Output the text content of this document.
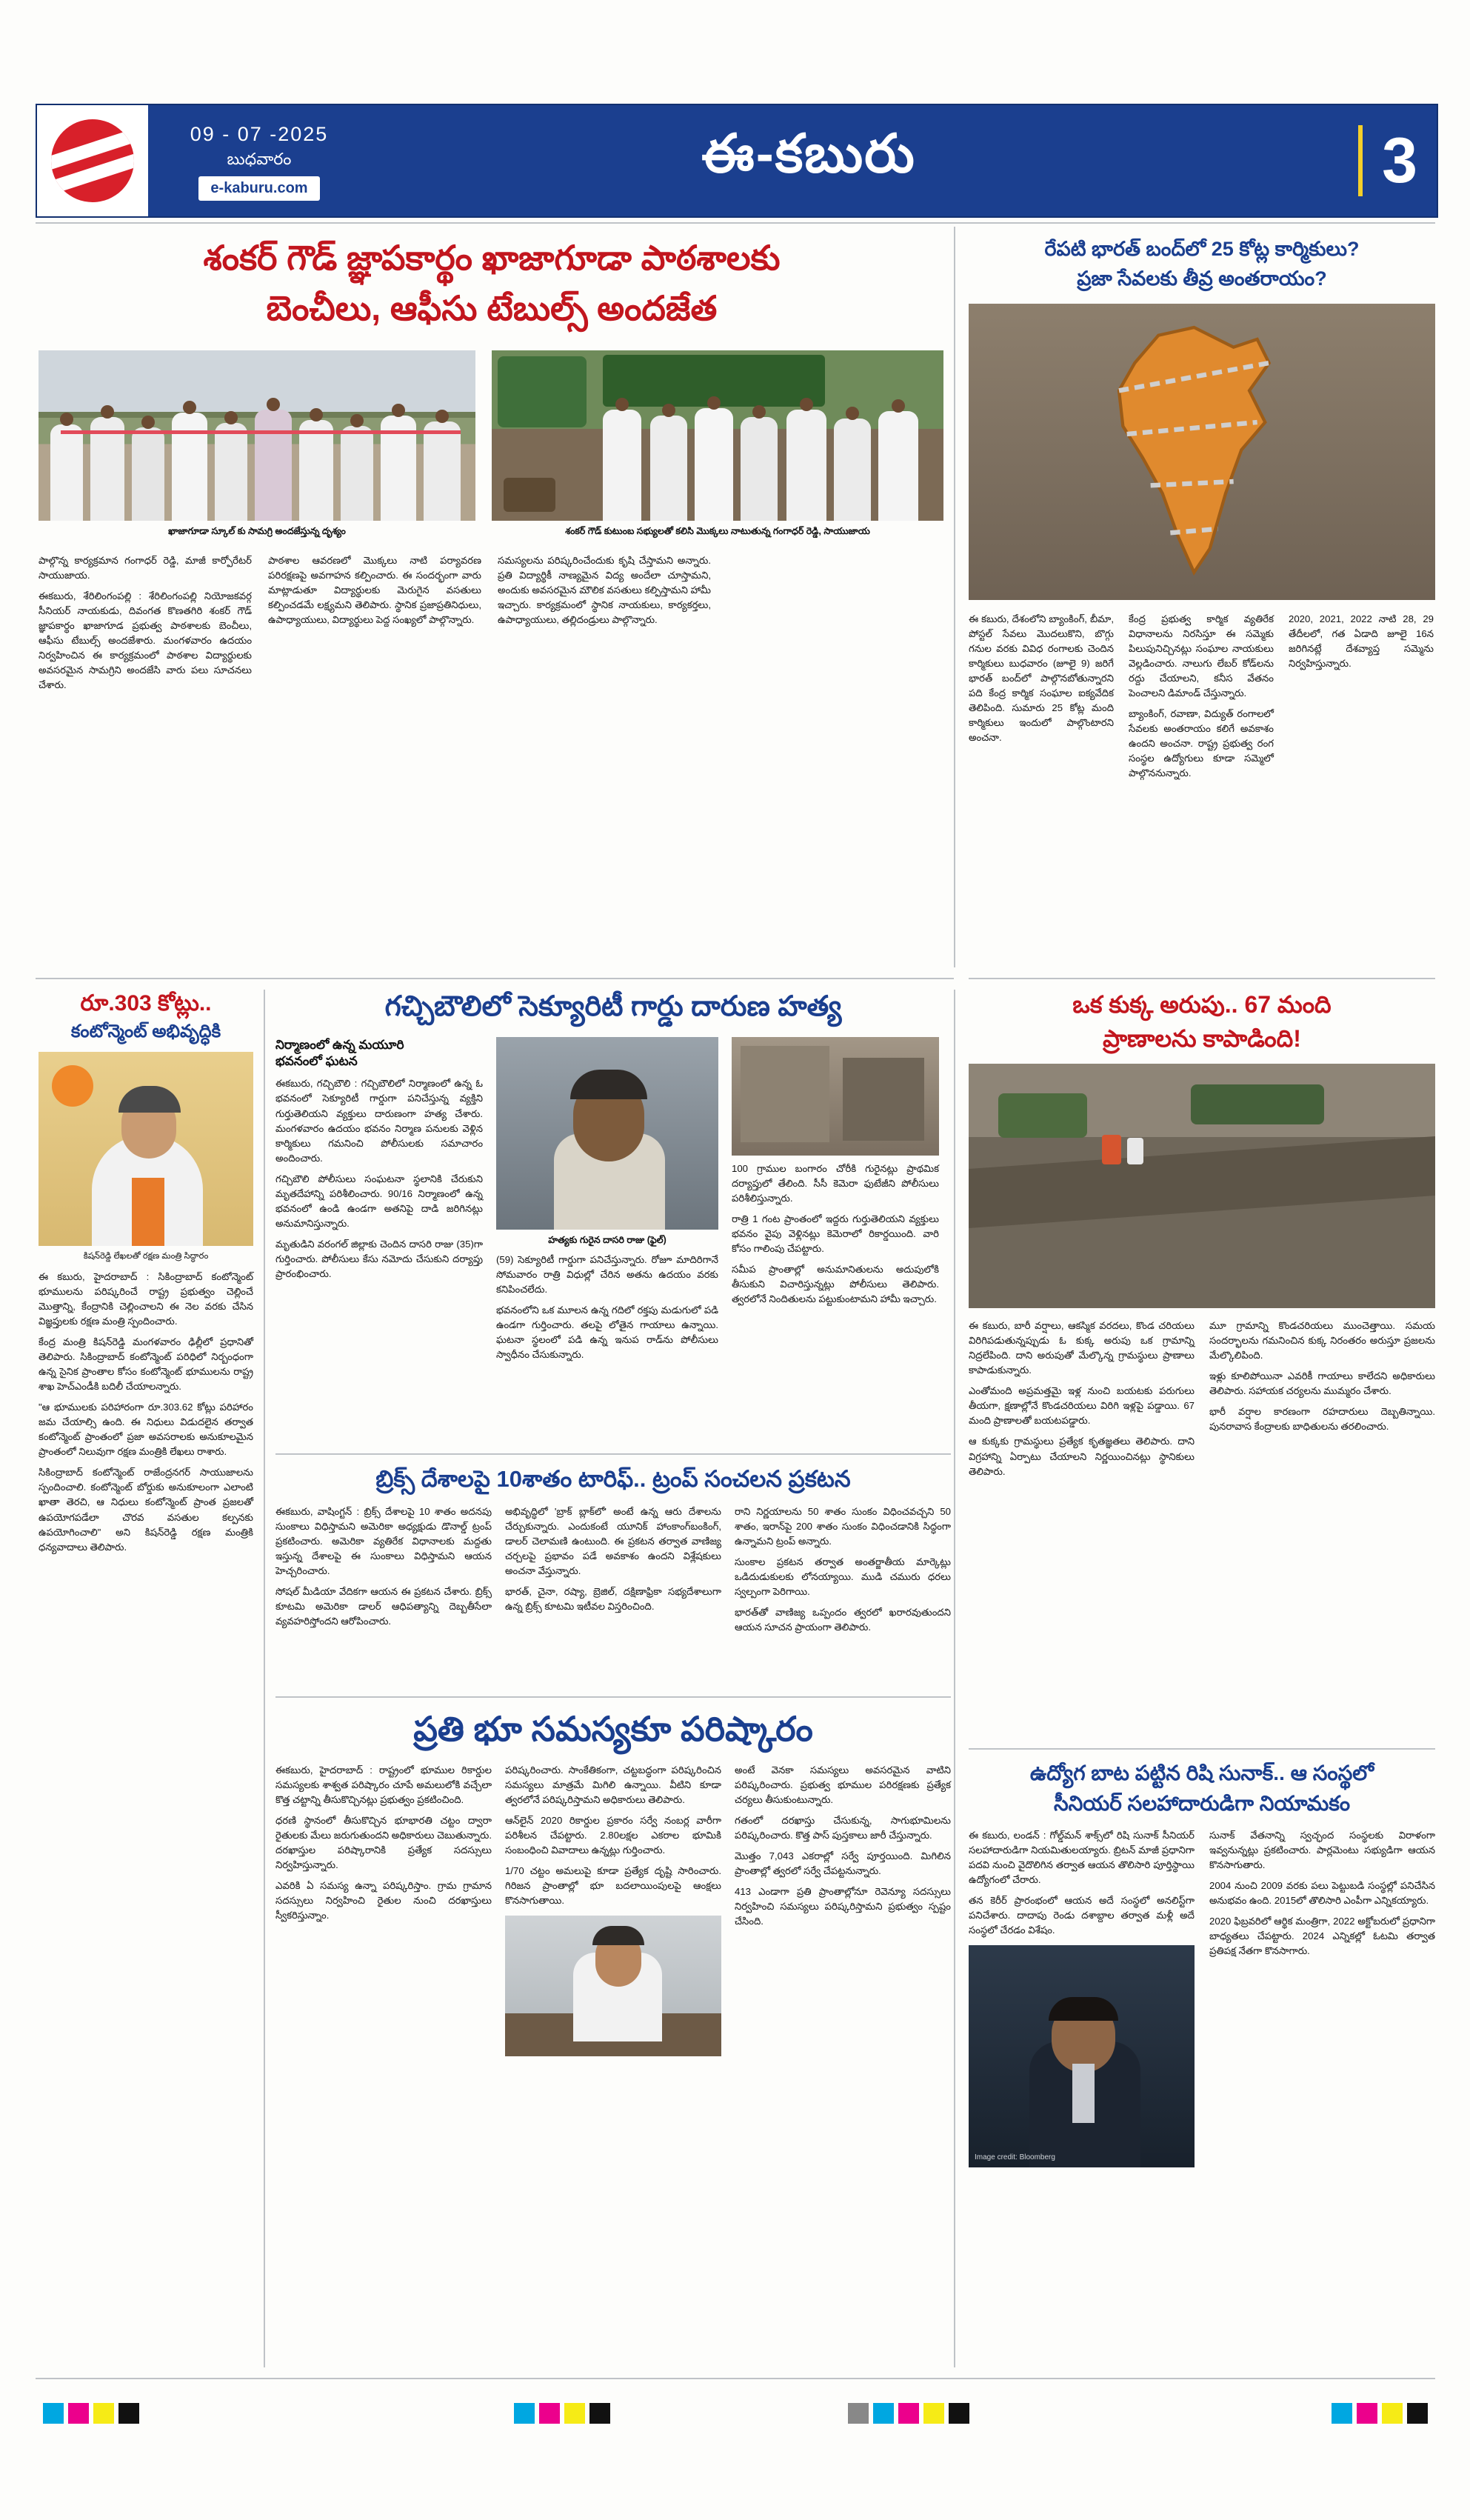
09 - 07 -2025
బుధవారం
e-kaburu.com
ఈ-కబురు	3
శంకర్ గౌడ్ జ్ఞాపకార్థం ఖాజాగూడా పాఠశాలకు
బెంచీలు, ఆఫీసు టేబుల్స్ అందజేత
ఖాజాగూడా స్కూల్ కు సామగ్రి అందజేస్తున్న దృశ్యం	శంకర్ గౌడ్ కుటుంబ సభ్యులతో కలిసి మొక్కలు నాటుతున్న గంగాధర్ రెడ్డి, సాయుజాయ

పాల్గొన్న కార్యక్రమాన గంగాధర్ రెడ్డి, మాజీ కార్పోరేటర్ సాయుజాయ.

ఈకబురు, శేరిలింగంపల్లి : శేరిలింగంపల్లి నియోజకవర్గ సీనియర్ నాయకుడు, దివంగత కొణతగిరి శంకర్ గౌడ్ జ్ఞాపకార్థం ఖాజాగూడ ప్రభుత్వ పాఠశాలకు బెంచీలు, ఆఫీసు టేబుల్స్ అందజేశారు. మంగళవారం ఉదయం నిర్వహించిన ఈ కార్యక్రమంలో పాఠశాల విద్యార్థులకు అవసరమైన సామగ్రిని అందజేసి వారు పలు సూచనలు చేశారు.

పాఠశాల ఆవరణలో మొక్కలు నాటి పర్యావరణ పరిరక్షణపై అవగాహన కల్పించారు. ఈ సందర్భంగా వారు మాట్లాడుతూ విద్యార్థులకు మెరుగైన వసతులు కల్పించడమే లక్ష్యమని తెలిపారు. స్థానిక ప్రజాప్రతినిధులు, ఉపాధ్యాయులు, విద్యార్థులు పెద్ద సంఖ్యలో పాల్గొన్నారు.

సమస్యలను పరిష్కరించేందుకు కృషి చేస్తామని అన్నారు. ప్రతి విద్యార్థికీ నాణ్యమైన విద్య అందేలా చూస్తామని, అందుకు అవసరమైన మౌలిక వసతులు కల్పిస్తామని హామీ ఇచ్చారు. కార్యక్రమంలో స్థానిక నాయకులు, కార్యకర్తలు, ఉపాధ్యాయులు, తల్లిదండ్రులు పాల్గొన్నారు.

రేపటి భారత్ బంద్‌లో 25 కోట్ల కార్మికులు?
ప్రజా సేవలకు తీవ్ర అంతరాయం?

ఈ కబురు, దేశంలోని బ్యాంకింగ్, బీమా, పోస్టల్ సేవలు మొదలుకొని, బొగ్గు గనుల వరకు వివిధ రంగాలకు చెందిన కార్మికులు బుధవారం (జూలై 9) జరిగే భారత్ బంద్‌లో పాల్గొనబోతున్నారని పది కేంద్ర కార్మిక సంఘాల ఐక్యవేదిక తెలిపింది. సుమారు 25 కోట్ల మంది కార్మికులు ఇందులో పాల్గొంటారని అంచనా.

కేంద్ర ప్రభుత్వ కార్మిక వ్యతిరేక విధానాలను నిరసిస్తూ ఈ సమ్మెకు పిలుపునిచ్చినట్లు సంఘాల నాయకులు వెల్లడించారు. నాలుగు లేబర్ కోడ్‌లను రద్దు చేయాలని, కనీస వేతనం పెంచాలని డిమాండ్ చేస్తున్నారు.

బ్యాంకింగ్, రవాణా, విద్యుత్ రంగాలలో సేవలకు అంతరాయం కలిగే అవకాశం ఉందని అంచనా. రాష్ట్ర ప్రభుత్వ రంగ సంస్థల ఉద్యోగులు కూడా సమ్మెలో పాల్గొననున్నారు.

2020, 2021, 2022 నాటి 28, 29 తేదీలలో, గత ఏడాది జూలై 16న జరిగినట్లే దేశవ్యాప్త సమ్మెను నిర్వహిస్తున్నారు.

రూ.303 కోట్లు..
కంటోన్మెంట్ అభివృద్ధికి
కిషన్‌రెడ్డి లేఖలతో రక్షణ మంత్రి సిద్ధారం

ఈ కబురు, హైదరాబాద్ : సికింద్రాబాద్ కంటోన్మెంట్ భూములను పరిష్కరించే రాష్ట్ర ప్రభుత్వం చెల్లించే మొత్తాన్ని, కేంద్రానికి చెల్లించాలని ఈ నెల వరకు చేసిన విజ్ఞప్తులకు రక్షణ మంత్రి స్పందించారు.

కేంద్ర మంత్రి కిషన్‌రెడ్డి మంగళవారం ఢిల్లీలో ప్రధానితో తెలిపారు. సికింద్రాబాద్ కంటోన్మెంట్ పరిధిలో నిర్బంధంగా ఉన్న సైనిక ప్రాంతాల కోసం కంటోన్మెంట్ భూములను రాష్ట్ర శాఖ హెచ్‌ఎండీకి బదిలీ చేయాలన్నారు.

"ఆ భూములకు పరిహారంగా రూ.303.62 కోట్లు పరిహారం జమ చేయాల్సి ఉంది. ఈ నిధులు విడుదలైన తర్వాత కంటోన్మెంట్ ప్రాంతంలో ప్రజా అవసరాలకు అనుకూలమైన ప్రాంతంలో నిలువుగా రక్షణ మంత్రికి లేఖలు రాశారు.

సికింద్రాబాద్ కంటోన్మెంట్ రాజేంద్రనగర్ సాయుజాలను స్పందించాలి. కంటోన్మెంట్ బోర్డుకు అనుకూలంగా ఎలాంటి ఖాతా తెరచి, ఆ నిధులు కంటోన్మెంట్ ప్రాంత ప్రజలతో ఉపయోగపడేలా చొరవ వసతుల కల్పనకు ఉపయోగించాలి" అని కిషన్‌రెడ్డి రక్షణ మంత్రికి ధన్యవాదాలు తెలిపారు.

గచ్చిబౌలిలో సెక్యూరిటీ గార్డు దారుణ హత్య
నిర్మాణంలో ఉన్న మయూరి
భవనంలో ఘటన

ఈకబురు, గచ్చిబౌలి : గచ్చిబౌలిలో నిర్మాణంలో ఉన్న ఓ భవనంలో సెక్యూరిటీ గార్డుగా పనిచేస్తున్న వ్యక్తిని గుర్తుతెలియని వ్యక్తులు దారుణంగా హత్య చేశారు. మంగళవారం ఉదయం భవనం నిర్మాణ పనులకు వెళ్లిన కార్మికులు గమనించి పోలీసులకు సమాచారం అందించారు.

గచ్చిబౌలి పోలీసులు సంఘటనా స్థలానికి చేరుకుని మృతదేహాన్ని పరిశీలించారు. 90/16 నిర్మాణంలో ఉన్న భవనంలో ఉండి ఉండగా అతనిపై దాడి జరిగినట్లు అనుమానిస్తున్నారు.

మృతుడిని వరంగల్ జిల్లాకు చెందిన దాసరి రాజు (35)గా గుర్తించారు. పోలీసులు కేసు నమోదు చేసుకుని దర్యాప్తు ప్రారంభించారు.

హత్యకు గురైన దాసరి రాజు (ఫైల్)

(59) సెక్యూరిటీ గార్డుగా పనిచేస్తున్నారు. రోజూ మాదిరిగానే సోమవారం రాత్రి విధుల్లో చేరిన అతను ఉదయం వరకు కనిపించలేదు.

భవనంలోని ఒక మూలన ఉన్న గదిలో రక్తపు మడుగులో పడి ఉండగా గుర్తించారు. తలపై లోతైన గాయాలు ఉన్నాయి. ఘటనా స్థలంలో పడి ఉన్న ఇనుప రాడ్‌ను పోలీసులు స్వాధీనం చేసుకున్నారు.

100 గ్రాముల బంగారం చోరీకి గురైనట్లు ప్రాథమిక దర్యాప్తులో తేలింది. సీసీ కెమెరా ఫుటేజీని పోలీసులు పరిశీలిస్తున్నారు.

రాత్రి 1 గంట ప్రాంతంలో ఇద్దరు గుర్తుతెలియని వ్యక్తులు భవనం వైపు వెళ్లినట్లు కెమెరాలో రికార్డయింది. వారి కోసం గాలింపు చేపట్టారు.

సమీప ప్రాంతాల్లో అనుమానితులను అదుపులోకి తీసుకుని విచారిస్తున్నట్లు పోలీసులు తెలిపారు. త్వరలోనే నిందితులను పట్టుకుంటామని హామీ ఇచ్చారు.

ఒక కుక్క అరుపు.. 67 మంది
ప్రాణాలను కాపాడింది!

ఈ కబురు, బారీ వర్షాలు, ఆకస్మిక వరదలు, కొండ చరియలు విరిగిపడుతున్నప్పుడు ఓ కుక్క అరుపు ఒక గ్రామాన్ని నిద్రలేపింది. దాని అరుపుతో మేల్కొన్న గ్రామస్థులు ప్రాణాలు కాపాడుకున్నారు.

ఎంతోమంది అప్రమత్తమై ఇళ్ల నుంచి బయటకు పరుగులు తీయగా, క్షణాల్లోనే కొండచరియలు విరిగి ఇళ్లపై పడ్డాయి. 67 మంది ప్రాణాలతో బయటపడ్డారు.

ఆ కుక్కకు గ్రామస్థులు ప్రత్యేక కృతజ్ఞతలు తెలిపారు. దాని విగ్రహాన్ని ఏర్పాటు చేయాలని నిర్ణయించినట్లు స్థానికులు తెలిపారు.

మూ గ్రామాన్ని కొండచరియలు ముంచెత్తాయి. సమయ సందర్భాలను గమనించిన కుక్క నిరంతరం అరుస్తూ ప్రజలను మేల్కొలిపింది.

ఇళ్లు కూలిపోయినా ఎవరికీ గాయాలు కాలేదని అధికారులు తెలిపారు. సహాయక చర్యలను ముమ్మరం చేశారు.

భారీ వర్షాల కారణంగా రహదారులు దెబ్బతిన్నాయి. పునరావాస కేంద్రాలకు బాధితులను తరలించారు.

బ్రిక్స్ దేశాలపై 10శాతం టారిఫ్.. ట్రంప్ సంచలన ప్రకటన

ఈకబురు, వాషింగ్టన్ : బ్రిక్స్ దేశాలపై 10 శాతం అదనపు సుంకాలు విధిస్తామని అమెరికా అధ్యక్షుడు డొనాల్డ్ ట్రంప్ ప్రకటించారు. అమెరికా వ్యతిరేక విధానాలకు మద్దతు ఇస్తున్న దేశాలపై ఈ సుంకాలు విధిస్తామని ఆయన హెచ్చరించారు.

సోషల్ మీడియా వేదికగా ఆయన ఈ ప్రకటన చేశారు. బ్రిక్స్ కూటమి అమెరికా డాలర్ ఆధిపత్యాన్ని దెబ్బతీసేలా వ్యవహరిస్తోందని ఆరోపించారు.

అభివృద్ధిలో 'బ్రాక్ బ్లాక్‌లో' అంటే ఉన్న ఆరు దేశాలను చేర్చుకున్నారు. ఎందుకంటే యూనిక్ హాంకాంగ్‌బంకింగ్, డాలర్ చెలామణి ఉంటుంది. ఈ ప్రకటన తర్వాత వాణిజ్య చర్చలపై ప్రభావం పడే అవకాశం ఉందని విశ్లేషకులు అంచనా వేస్తున్నారు.

భారత్, చైనా, రష్యా, బ్రెజిల్, దక్షిణాఫ్రికా సభ్యదేశాలుగా ఉన్న బ్రిక్స్ కూటమి ఇటీవల విస్తరించింది.

రాని నిర్ణయాలను 50 శాతం సుంకం విధించవచ్చని 50 శాతం, ఇరాన్‌పై 200 శాతం సుంకం విధించడానికి సిద్ధంగా ఉన్నామని ట్రంప్ అన్నారు.

సుంకాల ప్రకటన తర్వాత అంతర్జాతీయ మార్కెట్లు ఒడిదుడుకులకు లోనయ్యాయి. ముడి చమురు ధరలు స్వల్పంగా పెరిగాయి.

భారత్‌తో వాణిజ్య ఒప్పందం త్వరలో ఖరారవుతుందని ఆయన సూచన ప్రాయంగా తెలిపారు.

ప్రతి భూ సమస్యకూ పరిష్కారం

ఈకబురు, హైదరాబాద్ : రాష్ట్రంలో భూముల రికార్డుల సమస్యలకు శాశ్వత పరిష్కారం చూపే అమలులోకి వచ్చేలా కొత్త చట్టాన్ని తీసుకొచ్చినట్లు ప్రభుత్వం ప్రకటించింది.

ధరణి స్థానంలో తీసుకొచ్చిన భూభారతి చట్టం ద్వారా రైతులకు మేలు జరుగుతుందని అధికారులు చెబుతున్నారు. దరఖాస్తుల పరిష్కారానికి ప్రత్యేక సదస్సులు నిర్వహిస్తున్నారు.

ఎవరికి ఏ సమస్య ఉన్నా పరిష్కరిస్తాం. గ్రామ గ్రామాన సదస్సులు నిర్వహించి రైతుల నుంచి దరఖాస్తులు స్వీకరిస్తున్నాం.

పరిష్కరించారు. సాంకేతికంగా, చట్టబద్ధంగా పరిష్కరించిన సమస్యలు మాత్రమే మిగిలి ఉన్నాయి. వీటిని కూడా త్వరలోనే పరిష్కరిస్తామని అధికారులు తెలిపారు.

ఆన్‌లైన్ 2020 రికార్డుల ప్రకారం సర్వే నంబర్ల వారీగా పరిశీలన చేపట్టారు. 2.80లక్షల ఎకరాల భూమికి సంబంధించి వివాదాలు ఉన్నట్లు గుర్తించారు.

1/70 చట్టం అమలుపై కూడా ప్రత్యేక దృష్టి సారించారు. గిరిజన ప్రాంతాల్లో భూ బదలాయింపులపై ఆంక్షలు కొనసాగుతాయి.

అంటే వెనకా సమస్యలు అవసరమైన వాటిని పరిష్కరించారు. ప్రభుత్వ భూముల పరిరక్షణకు ప్రత్యేక చర్యలు తీసుకుంటున్నారు.

గతంలో దరఖాస్తు చేసుకున్న, సాగుభూమిలను పరిష్కరించారు. కొత్త పాస్ పుస్తకాలు జారీ చేస్తున్నారు.

మొత్తం 7,043 ఎకరాల్లో సర్వే పూర్తయింది. మిగిలిన ప్రాంతాల్లో త్వరలో సర్వే చేపట్టనున్నారు.

413 ఎండాగా ప్రతి ప్రాంతాల్లోనూ రెవెన్యూ సదస్సులు నిర్వహించి సమస్యలు పరిష్కరిస్తామని ప్రభుత్వం స్పష్టం చేసింది.

ఉద్యోగ బాట పట్టిన రిషి సునాక్.. ఆ సంస్థలో
సీనియర్ సలహాదారుడిగా నియామకం

ఈ కబురు, లండన్ : గోల్డ్‌మన్ శాక్స్‌లో రిషి సునాక్ సీనియర్ సలహాదారుడిగా నియమితులయ్యారు. బ్రిటన్ మాజీ ప్రధానిగా పదవి నుంచి వైదొలిగిన తర్వాత ఆయన తొలిసారి పూర్తిస్థాయి ఉద్యోగంలో చేరారు.

తన కెరీర్ ప్రారంభంలో ఆయన అదే సంస్థలో అనలిస్ట్‌గా పనిచేశారు. దాదాపు రెండు దశాబ్దాల తర్వాత మళ్లీ అదే సంస్థలో చేరడం విశేషం.

Image credit: Bloomberg

సునాక్ వేతనాన్ని స్వచ్ఛంద సంస్థలకు విరాళంగా ఇవ్వనున్నట్లు ప్రకటించారు. పార్లమెంటు సభ్యుడిగా ఆయన కొనసాగుతారు.

2004 నుంచి 2009 వరకు పలు పెట్టుబడి సంస్థల్లో పనిచేసిన అనుభవం ఉంది. 2015లో తొలిసారి ఎంపీగా ఎన్నికయ్యారు.

2020 ఫిబ్రవరిలో ఆర్థిక మంత్రిగా, 2022 అక్టోబరులో ప్రధానిగా బాధ్యతలు చేపట్టారు. 2024 ఎన్నికల్లో ఓటమి తర్వాత ప్రతిపక్ష నేతగా కొనసాగారు.
